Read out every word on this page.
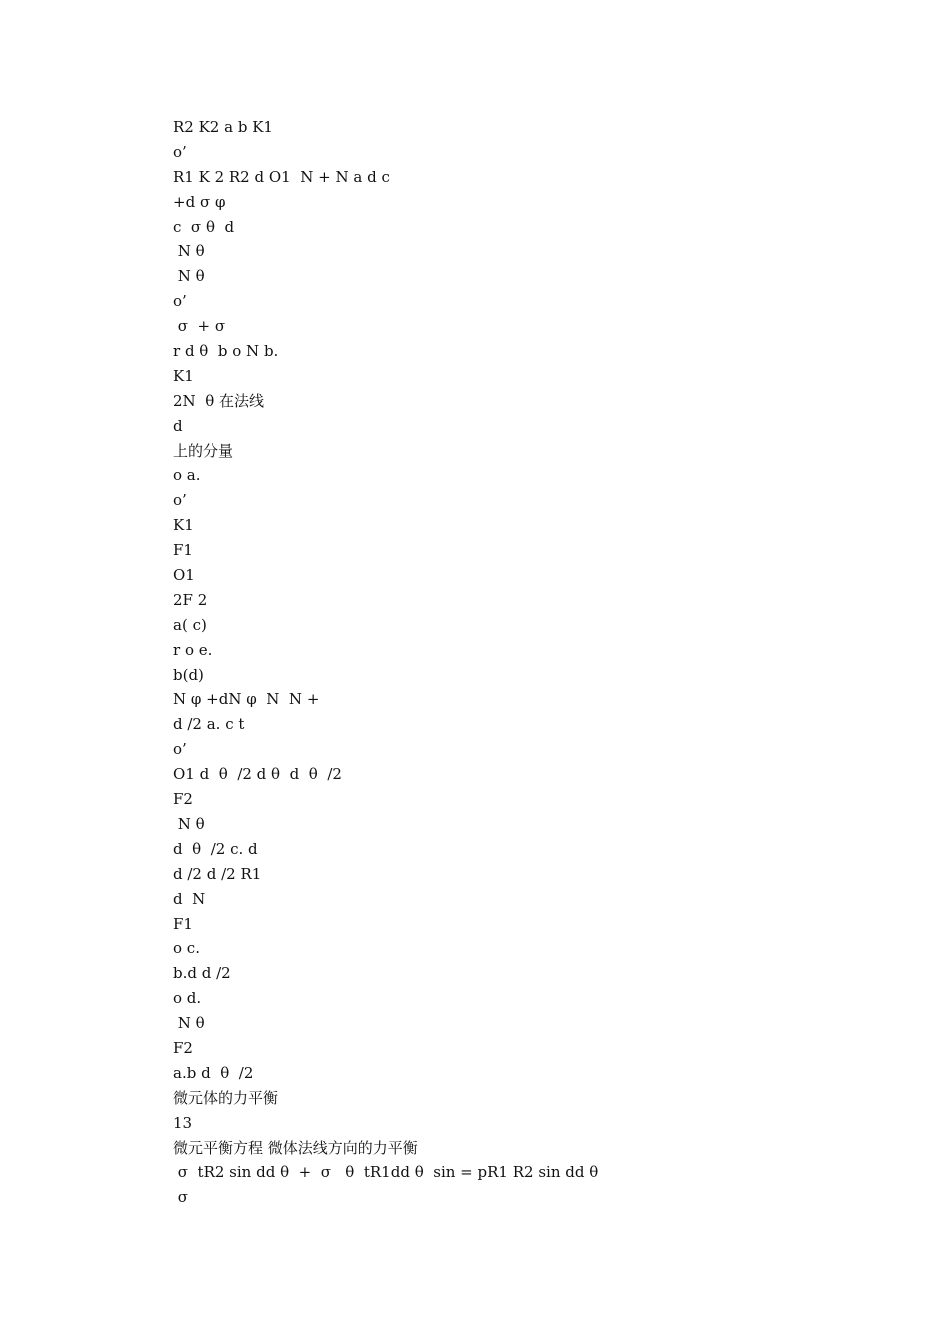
R2 K2 a b K1
o’
R1 K 2 R2 d O1  N + N a d c
+d σ φ
c  σ θ  d
N θ
N θ
o’
σ  + σ
r d θ  b o N b.
K1
2N  θ 在法线
d
上的分量
o a.
o’
K1
F1
O1
2F 2
a( c)
r o e.
b(d)
N φ +dN φ  N  N +
d /2 a. c t
o’
O1 d  θ  /2 d θ  d  θ  /2
F2
N θ
d  θ  /2 c. d
d /2 d /2 R1
d  N
F1
o c.
b.d d /2
o d.
N θ
F2
a.b d  θ  /2
微元体的力平衡
13
微元平衡方程 微体法线方向的力平衡
σ  tR2 sin dd θ  +  σ   θ  tR1dd θ  sin = pR1 R2 sin dd θ
σ
